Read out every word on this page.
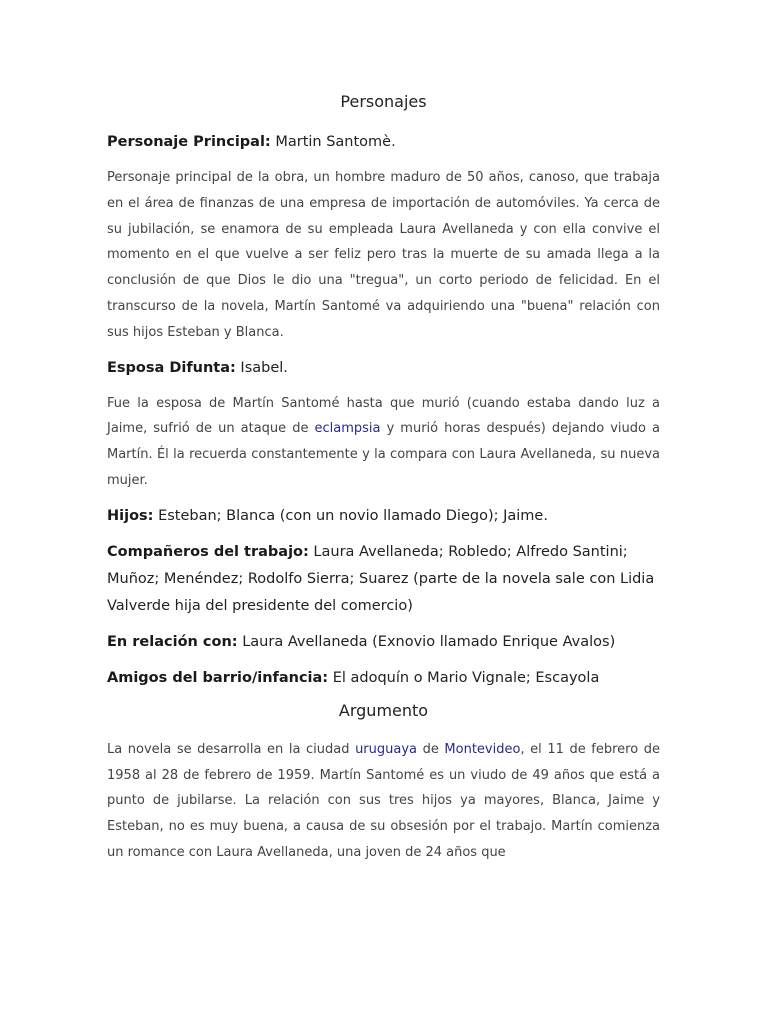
Personajes

Personaje Principal: Martin Santomè.

Personaje principal de la obra, un hombre maduro de 50 años, canoso, que trabaja en el área de finanzas de una empresa de importación de automóviles. Ya cerca de su jubilación, se enamora de su empleada Laura Avellaneda y con ella convive el momento en el que vuelve a ser feliz pero tras la muerte de su amada llega a la conclusión de que Dios le dio una "tregua", un corto periodo de felicidad. En el transcurso de la novela, Martín Santomé va adquiriendo una "buena" relación con sus hijos Esteban y Blanca.

Esposa Difunta: Isabel.

Fue la esposa de Martín Santomé hasta que murió (cuando estaba dando luz a Jaime, sufrió de un ataque de eclampsia y murió horas después) dejando viudo a Martín. Él la recuerda constantemente y la compara con Laura Avellaneda, su nueva mujer.

Hijos: Esteban; Blanca (con un novio llamado Diego); Jaime.

Compañeros del trabajo: Laura Avellaneda; Robledo; Alfredo Santini; Muñoz; Menéndez; Rodolfo Sierra; Suarez (parte de la novela sale con Lidia Valverde hija del presidente del comercio)

En relación con: Laura Avellaneda (Exnovio llamado Enrique Avalos)

Amigos del barrio/infancia: El adoquín o Mario Vignale; Escayola

Argumento

La novela se desarrolla en la ciudad uruguaya de Montevideo, el 11 de febrero de 1958 al 28 de febrero de 1959. Martín Santomé es un viudo de 49 años que está a punto de jubilarse. La relación con sus tres hijos ya mayores, Blanca, Jaime y Esteban, no es muy buena, a causa de su obsesión por el trabajo. Martín comienza un romance con Laura Avellaneda, una joven de 24 años que
